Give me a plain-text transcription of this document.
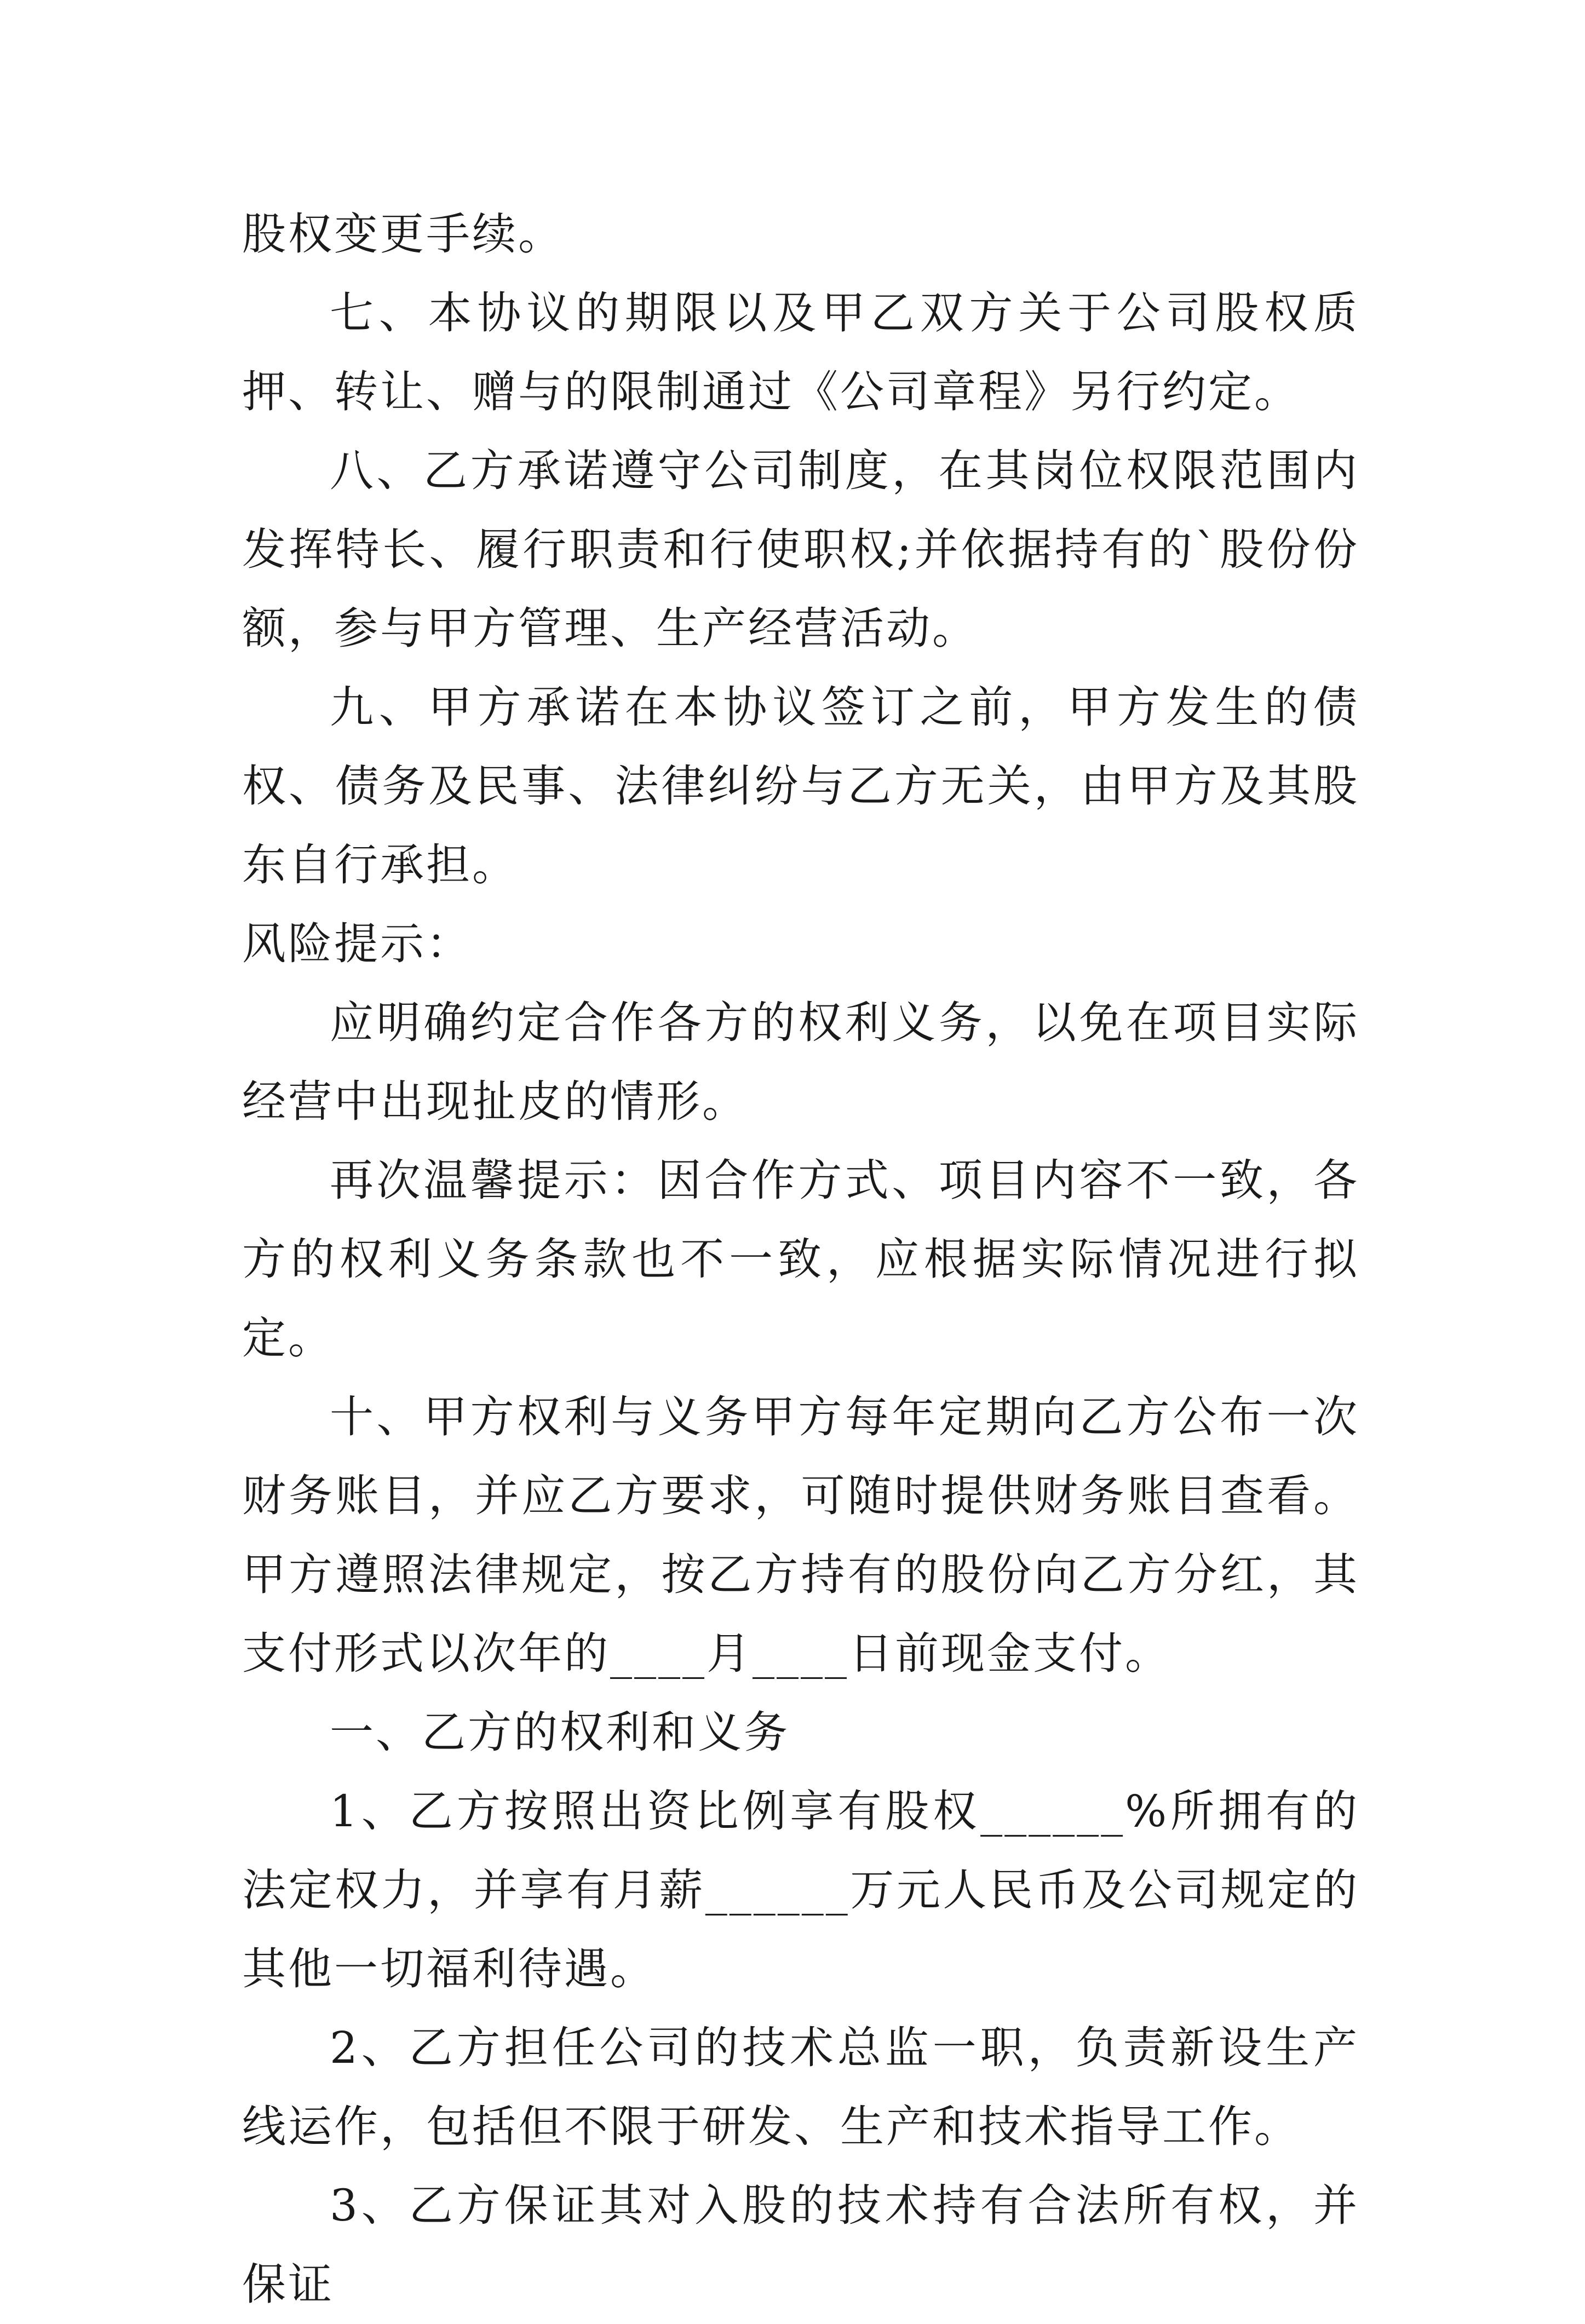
股权变更手续。

七、本协议的期限以及甲乙双方关于公司股权质押、转让、赠与的限制通过《公司章程》另行约定。

八、乙方承诺遵守公司制度，在其岗位权限范围内发挥特长、履行职责和行使职权;并依据持有的`股份份额，参与甲方管理、生产经营活动。

九、甲方承诺在本协议签订之前，甲方发生的债权、债务及民事、法律纠纷与乙方无关，由甲方及其股东自行承担。

风险提示：

应明确约定合作各方的权利义务，以免在项目实际经营中出现扯皮的情形。

再次温馨提示：因合作方式、项目内容不一致，各方的权利义务条款也不一致，应根据实际情况进行拟定。

十、甲方权利与义务甲方每年定期向乙方公布一次财务账目，并应乙方要求，可随时提供财务账目查看。甲方遵照法律规定，按乙方持有的股份向乙方分红，其支付形式以次年的____月____日前现金支付。

一、乙方的权利和义务

1、乙方按照出资比例享有股权______%所拥有的法定权力，并享有月薪______万元人民币及公司规定的其他一切福利待遇。

2、乙方担任公司的技术总监一职，负责新设生产线运作，包括但不限于研发、生产和技术指导工作。

3、乙方保证其对入股的技术持有合法所有权，并保证
